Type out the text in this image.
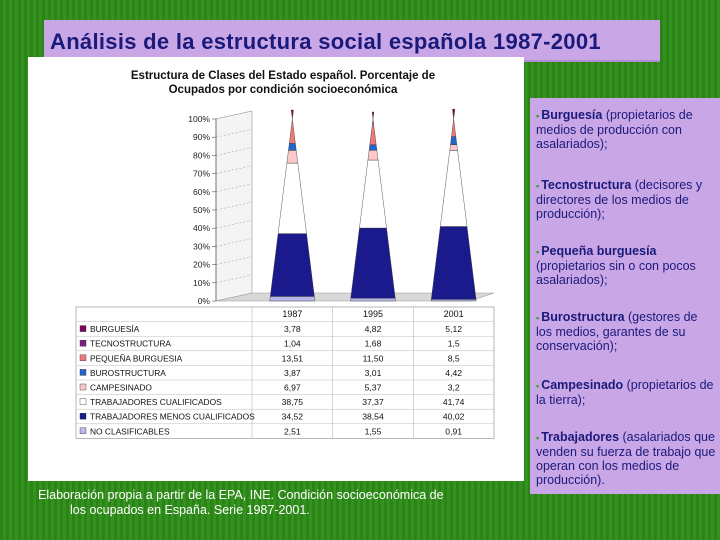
Análisis de la estructura social española 1987-2001
Estructura de Clases del Estado español. Porcentaje de
Ocupados por condición socioeconómica
0%
10%
20%
30%
40%
50%
60%
70%
80%
90%
100%
1987	1995	2001
BURGUESÍA	3,78	4,82	5,12
TECNOSTRUCTURA	1,04	1,68	1,5
PEQUEÑA BURGUESIA	13,51	11,50	8,5
BUROSTRUCTURA	3,87	3,01	4,42
CAMPESINADO	6,97	5,37	3,2
TRABAJADORES CUALIFICADOS	38,75	37,37	41,74
TRABAJADORES MENOS CUALIFICADOS	34,52	38,54	40,02
NO CLASIFICABLES	2,51	1,55	0,91
Elaboración propia a partir de la EPA, INE. Condición socioeconómica de
los ocupados en España. Serie 1987-2001.
▪ Burguesía (propietarios de medios de producción con asalariados);
▪ Tecnostructura (decisores y directores de los medios de producción);
▪ Pequeña burguesía (propietarios sin o con pocos asalariados);
▪ Burostructura (gestores de los medios, garantes de su conservación);
▪ Campesinado (propietarios de la tierra);
▪ Trabajadores (asalariados que venden su fuerza de trabajo que operan con los medios de producción).
